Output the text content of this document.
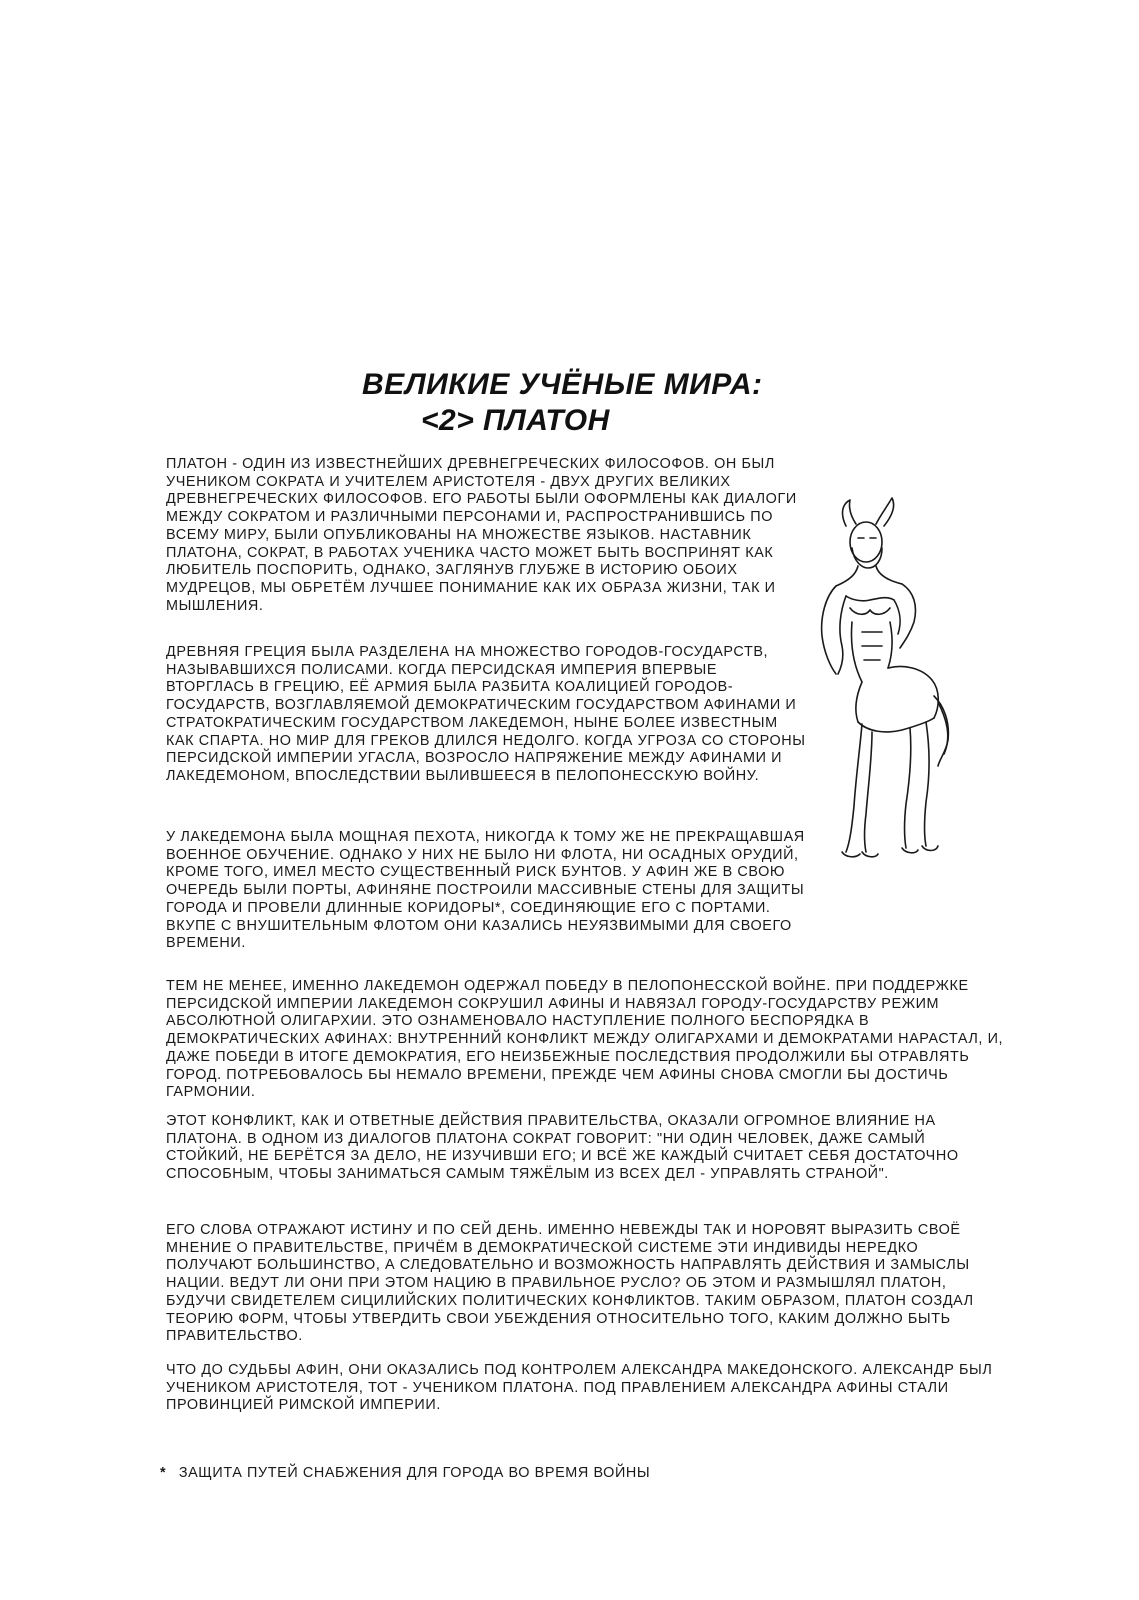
ВЕЛИКИЕ УЧЁНЫЕ МИРА:
<2> ПЛАТОН

ПЛАТОН - ОДИН ИЗ ИЗВЕСТНЕЙШИХ ДРЕВНЕГРЕЧЕСКИХ ФИЛОСОФОВ. ОН БЫЛ УЧЕНИКОМ СОКРАТА И УЧИТЕЛЕМ АРИСТОТЕЛЯ - ДВУХ ДРУГИХ ВЕЛИКИХ ДРЕВНЕГРЕЧЕСКИХ ФИЛОСОФОВ. ЕГО РАБОТЫ БЫЛИ ОФОРМЛЕНЫ КАК ДИАЛОГИ МЕЖДУ СОКРАТОМ И РАЗЛИЧНЫМИ ПЕРСОНАМИ И, РАСПРОСТРАНИВШИСЬ ПО ВСЕМУ МИРУ, БЫЛИ ОПУБЛИКОВАНЫ НА МНОЖЕСТВЕ ЯЗЫКОВ. НАСТАВНИК ПЛАТОНА, СОКРАТ, В РАБОТАХ УЧЕНИКА ЧАСТО МОЖЕТ БЫТЬ ВОСПРИНЯТ КАК ЛЮБИТЕЛЬ ПОСПОРИТЬ, ОДНАКО, ЗАГЛЯНУВ ГЛУБЖЕ В ИСТОРИЮ ОБОИХ МУДРЕЦОВ, МЫ ОБРЕТЁМ ЛУЧШЕЕ ПОНИМАНИЕ КАК ИХ ОБРАЗА ЖИЗНИ, ТАК И МЫШЛЕНИЯ.

ДРЕВНЯЯ ГРЕЦИЯ БЫЛА РАЗДЕЛЕНА НА МНОЖЕСТВО ГОРОДОВ-ГОСУДАРСТВ, НАЗЫВАВШИХСЯ ПОЛИСАМИ. КОГДА ПЕРСИДСКАЯ ИМПЕРИЯ ВПЕРВЫЕ ВТОРГЛАСЬ В ГРЕЦИЮ, ЕЁ АРМИЯ БЫЛА РАЗБИТА КОАЛИЦИЕЙ ГОРОДОВ-ГОСУДАРСТВ, ВОЗГЛАВЛЯЕМОЙ ДЕМОКРАТИЧЕСКИМ ГОСУДАРСТВОМ АФИНАМИ И СТРАТОКРАТИЧЕСКИМ ГОСУДАРСТВОМ ЛАКЕДЕМОН, НЫНЕ БОЛЕЕ ИЗВЕСТНЫМ КАК СПАРТА. НО МИР ДЛЯ ГРЕКОВ ДЛИЛСЯ НЕДОЛГО. КОГДА УГРОЗА СО СТОРОНЫ ПЕРСИДСКОЙ ИМПЕРИИ УГАСЛА, ВОЗРОСЛО НАПРЯЖЕНИЕ МЕЖДУ АФИНАМИ И ЛАКЕДЕМОНОМ, ВПОСЛЕДСТВИИ ВЫЛИВШЕЕСЯ В ПЕЛОПОНЕССКУЮ ВОЙНУ.

У ЛАКЕДЕМОНА БЫЛА МОЩНАЯ ПЕХОТА, НИКОГДА К ТОМУ ЖЕ НЕ ПРЕКРАЩАВШАЯ ВОЕННОЕ ОБУЧЕНИЕ. ОДНАКО У НИХ НЕ БЫЛО НИ ФЛОТА, НИ ОСАДНЫХ ОРУДИЙ, КРОМЕ ТОГО, ИМЕЛ МЕСТО СУЩЕСТВЕННЫЙ РИСК БУНТОВ. У АФИН ЖЕ В СВОЮ ОЧЕРЕДЬ БЫЛИ ПОРТЫ, АФИНЯНЕ ПОСТРОИЛИ МАССИВНЫЕ СТЕНЫ ДЛЯ ЗАЩИТЫ ГОРОДА И ПРОВЕЛИ ДЛИННЫЕ КОРИДОРЫ*, СОЕДИНЯЮЩИЕ ЕГО С ПОРТАМИ. ВКУПЕ С ВНУШИТЕЛЬНЫМ ФЛОТОМ ОНИ КАЗАЛИСЬ НЕУЯЗВИМЫМИ ДЛЯ СВОЕГО ВРЕМЕНИ.

ТЕМ НЕ МЕНЕЕ, ИМЕННО ЛАКЕДЕМОН ОДЕРЖАЛ ПОБЕДУ В ПЕЛОПОНЕССКОЙ ВОЙНЕ. ПРИ ПОДДЕРЖКЕ ПЕРСИДСКОЙ ИМПЕРИИ ЛАКЕДЕМОН СОКРУШИЛ АФИНЫ И НАВЯЗАЛ ГОРОДУ-ГОСУДАРСТВУ РЕЖИМ АБСОЛЮТНОЙ ОЛИГАРХИИ. ЭТО ОЗНАМЕНОВАЛО НАСТУПЛЕНИЕ ПОЛНОГО БЕСПОРЯДКА В ДЕМОКРАТИЧЕСКИХ АФИНАХ: ВНУТРЕННИЙ КОНФЛИКТ МЕЖДУ ОЛИГАРХАМИ И ДЕМОКРАТАМИ НАРАСТАЛ, И, ДАЖЕ ПОБЕДИ В ИТОГЕ ДЕМОКРАТИЯ, ЕГО НЕИЗБЕЖНЫЕ ПОСЛЕДСТВИЯ ПРОДОЛЖИЛИ БЫ ОТРАВЛЯТЬ ГОРОД. ПОТРЕБОВАЛОСЬ БЫ НЕМАЛО ВРЕМЕНИ, ПРЕЖДЕ ЧЕМ АФИНЫ СНОВА СМОГЛИ БЫ ДОСТИЧЬ ГАРМОНИИ.

ЭТОТ КОНФЛИКТ, КАК И ОТВЕТНЫЕ ДЕЙСТВИЯ ПРАВИТЕЛЬСТВА, ОКАЗАЛИ ОГРОМНОЕ ВЛИЯНИЕ НА ПЛАТОНА. В ОДНОМ ИЗ ДИАЛОГОВ ПЛАТОНА СОКРАТ ГОВОРИТ: "НИ ОДИН ЧЕЛОВЕК, ДАЖЕ САМЫЙ СТОЙКИЙ, НЕ БЕРЁТСЯ ЗА ДЕЛО, НЕ ИЗУЧИВШИ ЕГО; И ВСЁ ЖЕ КАЖДЫЙ СЧИТАЕТ СЕБЯ ДОСТАТОЧНО СПОСОБНЫМ, ЧТОБЫ ЗАНИМАТЬСЯ САМЫМ ТЯЖЁЛЫМ ИЗ ВСЕХ ДЕЛ - УПРАВЛЯТЬ СТРАНОЙ".

ЕГО СЛОВА ОТРАЖАЮТ ИСТИНУ И ПО СЕЙ ДЕНЬ. ИМЕННО НЕВЕЖДЫ ТАК И НОРОВЯТ ВЫРАЗИТЬ СВОЁ МНЕНИЕ О ПРАВИТЕЛЬСТВЕ, ПРИЧЁМ В ДЕМОКРАТИЧЕСКОЙ СИСТЕМЕ ЭТИ ИНДИВИДЫ НЕРЕДКО ПОЛУЧАЮТ БОЛЬШИНСТВО, А СЛЕДОВАТЕЛЬНО И ВОЗМОЖНОСТЬ НАПРАВЛЯТЬ ДЕЙСТВИЯ И ЗАМЫСЛЫ НАЦИИ. ВЕДУТ ЛИ ОНИ ПРИ ЭТОМ НАЦИЮ В ПРАВИЛЬНОЕ РУСЛО? ОБ ЭТОМ И РАЗМЫШЛЯЛ ПЛАТОН, БУДУЧИ СВИДЕТЕЛЕМ СИЦИЛИЙСКИХ ПОЛИТИЧЕСКИХ КОНФЛИКТОВ. ТАКИМ ОБРАЗОМ, ПЛАТОН СОЗДАЛ ТЕОРИЮ ФОРМ, ЧТОБЫ УТВЕРДИТЬ СВОИ УБЕЖДЕНИЯ ОТНОСИТЕЛЬНО ТОГО, КАКИМ ДОЛЖНО БЫТЬ ПРАВИТЕЛЬСТВО.

ЧТО ДО СУДЬБЫ АФИН, ОНИ ОКАЗАЛИСЬ ПОД КОНТРОЛЕМ АЛЕКСАНДРА МАКЕДОНСКОГО. АЛЕКСАНДР БЫЛ УЧЕНИКОМ АРИСТОТЕЛЯ, ТОТ - УЧЕНИКОМ ПЛАТОНА. ПОД ПРАВЛЕНИЕМ АЛЕКСАНДРА АФИНЫ СТАЛИ ПРОВИНЦИЕЙ РИМСКОЙ ИМПЕРИИ.

* ЗАЩИТА ПУТЕЙ СНАБЖЕНИЯ ДЛЯ ГОРОДА ВО ВРЕМЯ ВОЙНЫ
